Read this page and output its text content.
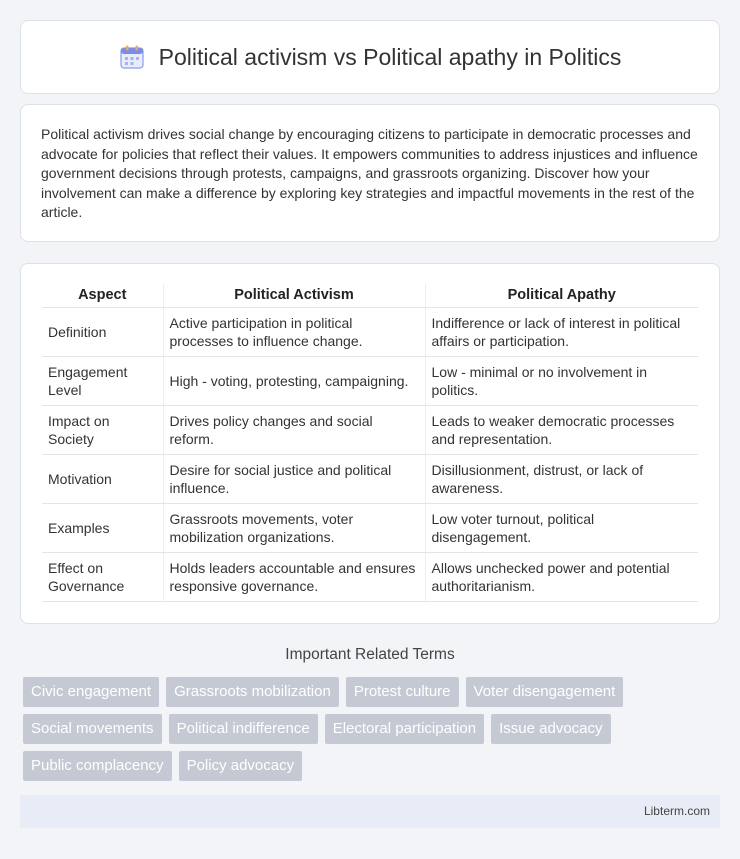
Political activism vs Political apathy in Politics

Political activism drives social change by encouraging citizens to participate in democratic processes and advocate for policies that reflect their values. It empowers communities to address injustices and influence government decisions through protests, campaigns, and grassroots organizing. Discover how your involvement can make a difference by exploring key strategies and impactful movements in the rest of the article.

Aspect	Political Activism	Political Apathy
Definition	Active participation in political processes to influence change.	Indifference or lack of interest in political affairs or participation.
Engagement Level	High - voting, protesting, campaigning.	Low - minimal or no involvement in politics.
Impact on Society	Drives policy changes and social reform.	Leads to weaker democratic processes and representation.
Motivation	Desire for social justice and political influence.	Disillusionment, distrust, or lack of awareness.
Examples	Grassroots movements, voter mobilization organizations.	Low voter turnout, political disengagement.
Effect on Governance	Holds leaders accountable and ensures responsive governance.	Allows unchecked power and potential authoritarianism.
Important Related Terms
Civic engagement	Grassroots mobilization	Protest culture	Voter disengagement
Social movements	Political indifference	Electoral participation	Issue advocacy
Public complacency	Policy advocacy
Libterm.com
